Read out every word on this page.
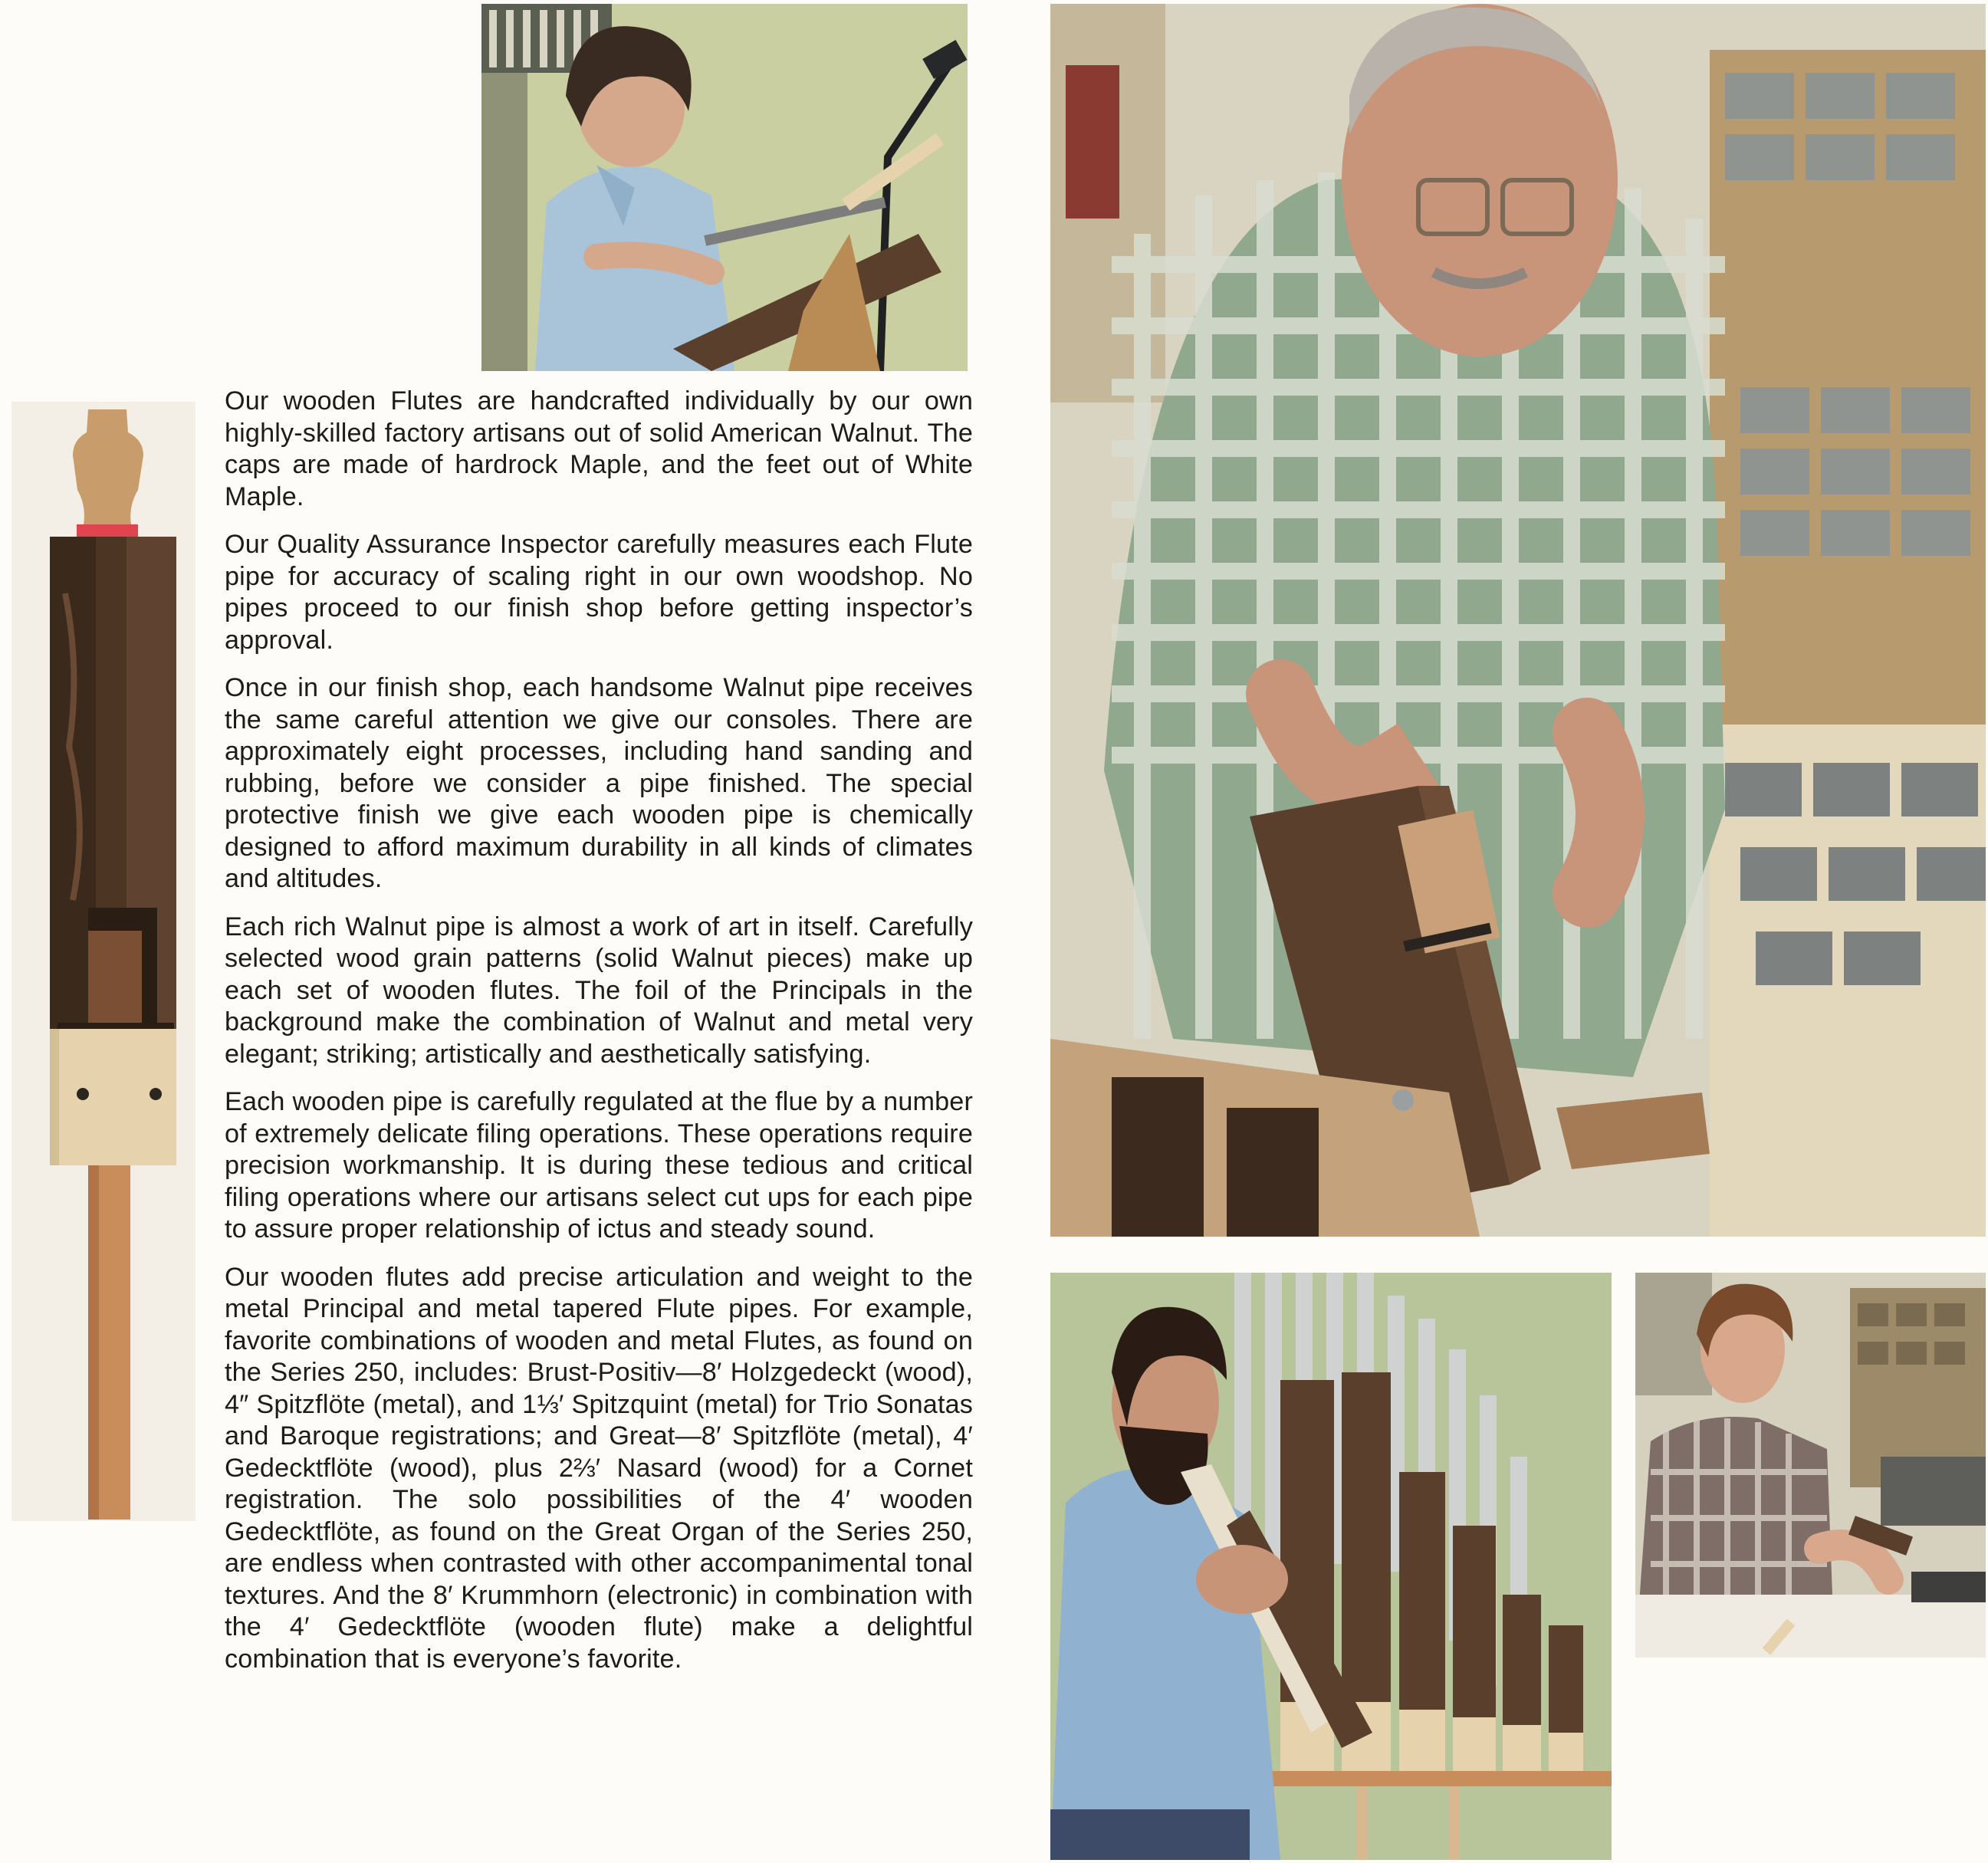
Our wooden Flutes are handcrafted individually by our own highly-skilled factory artisans out of solid American Walnut. The caps are made of hardrock Maple, and the feet out of White Maple.

Our Quality Assurance Inspector carefully measures each Flute pipe for accuracy of scaling right in our own woodshop. No pipes proceed to our finish shop before getting inspector’s approval.

Once in our finish shop, each handsome Walnut pipe receives the same careful attention we give our consoles. There are approximately eight processes, including hand sanding and rubbing, before we consider a pipe finished. The special protective finish we give each wooden pipe is chemically designed to afford maximum durability in all kinds of climates and altitudes.

Each rich Walnut pipe is almost a work of art in itself. Carefully selected wood grain patterns (solid Walnut pieces) make up each set of wooden flutes. The foil of the Principals in the background make the combination of Walnut and metal very elegant; striking; artistically and aesthetically satisfying.

Each wooden pipe is carefully regulated at the flue by a number of extremely delicate filing operations. These operations require precision workmanship. It is during these tedious and critical filing operations where our artisans select cut ups for each pipe to assure proper relationship of ictus and steady sound.

Our wooden flutes add precise articulation and weight to the metal Principal and metal tapered Flute pipes. For example, favorite combinations of wooden and metal Flutes, as found on the Series 250, includes: Brust-Positiv—8′ Holzgedeckt (wood), 4″ Spitzflöte (metal), and 1⅓′ Spitzquint (metal) for Trio Sonatas and Baroque registrations; and Great—8′ Spitzflöte (metal), 4′ Gedecktflöte (wood), plus 2⅔′ Nasard (wood) for a Cornet registration. The solo possibilities of the 4′ wooden Gedecktflöte, as found on the Great Organ of the Series 250, are endless when contrasted with other accompanimental tonal textures. And the 8′ Krummhorn (electronic) in combination with the 4′ Gedecktflöte (wooden flute) make a delightful combination that is everyone’s favorite.
